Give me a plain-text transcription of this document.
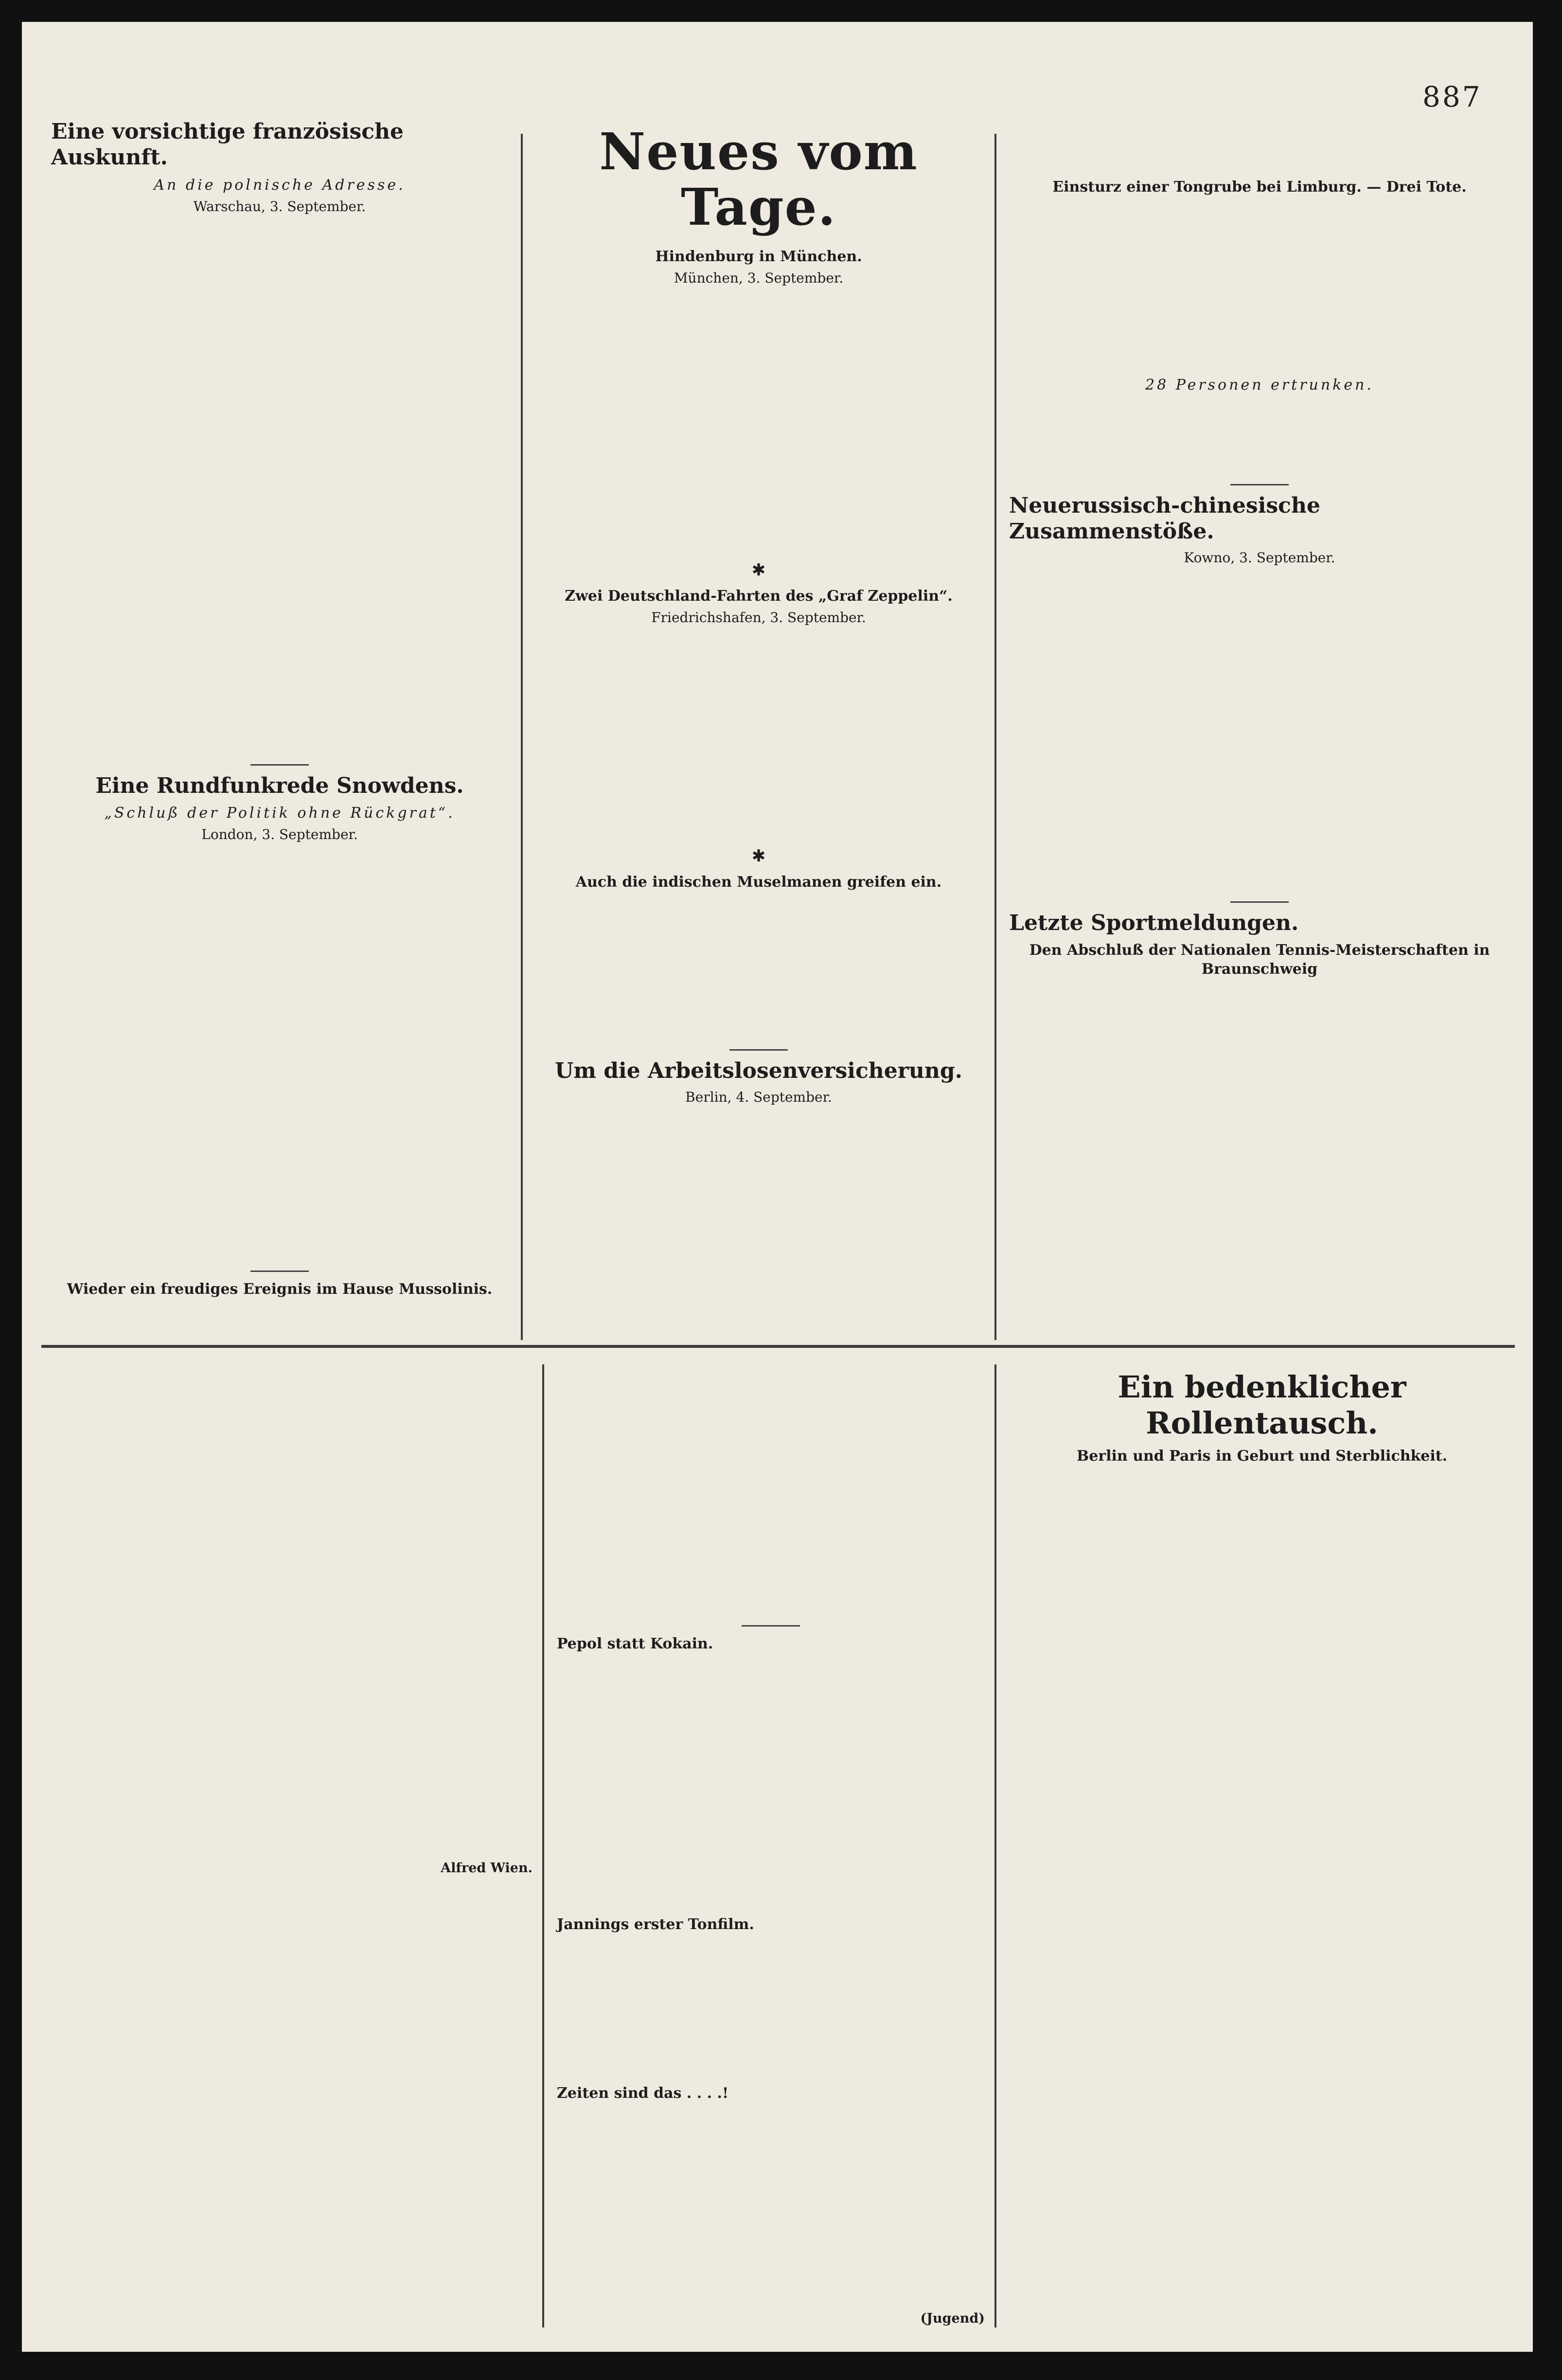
887
Eine vorsichtige französische Auskunft.
An die polnische Adresse.
Warschau, 3. September.
Eine Rundfunkrede Snowdens.
„Schluß der Politik ohne Rückgrat“.
London, 3. September.
Wieder ein freudiges Ereignis im Hause Mussolinis.
Neues vom Tage.
Hindenburg in München.
München, 3. September.
✱
Zwei Deutschland-Fahrten des „Graf Zeppelin“.
Friedrichshafen, 3. September.
✱
Auch die indischen Muselmanen greifen ein.
Um die Arbeitslosenversicherung.
Berlin, 4. September.
Einsturz einer Tongrube bei Limburg. — Drei Tote.
28 Personen ertrunken.
Neuerussisch-chinesische Zusammenstöße.
Kowno, 3. September.
Letzte Sportmeldungen.
Den Abschluß der Nationalen Tennis-Meisterschaften in Braunschweig
Alfred Wien.
Pepol statt Kokain.
Jannings erster Tonfilm.
Zeiten sind das . . . .!
(Jugend)
Ein bedenklicher Rollentausch.
Berlin und Paris in Geburt und Sterblichkeit.
